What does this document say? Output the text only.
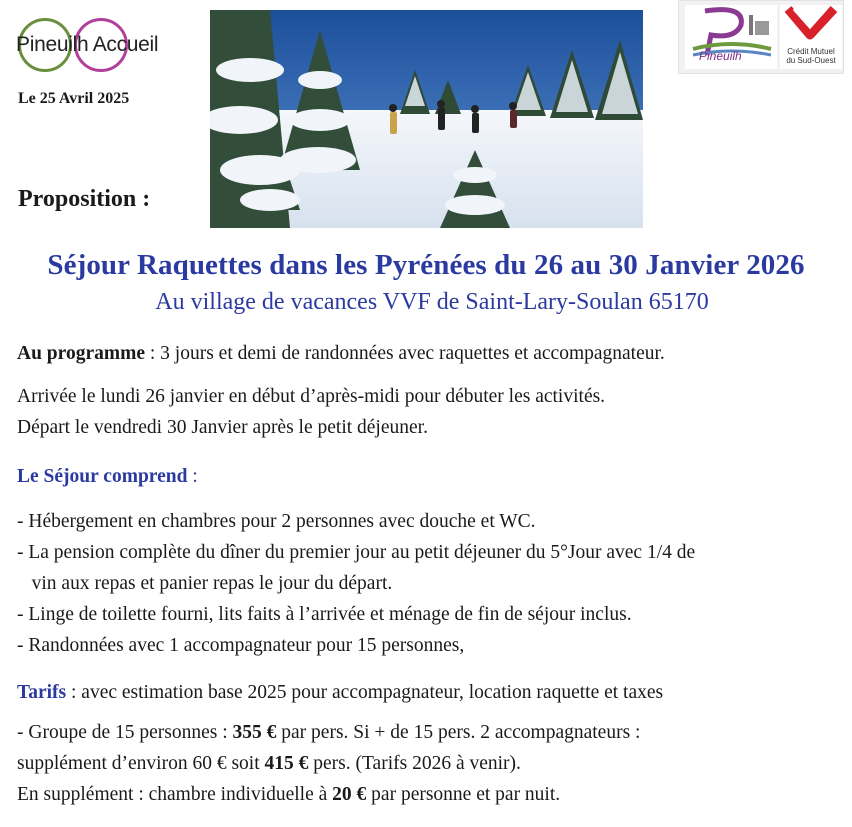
Pineuilh Accueil
Le 25 Avril 2025
Pineuilh	Crédit Mutuel
du Sud-Ouest
Proposition :
Séjour Raquettes dans les Pyrénées du 26 au 30 Janvier 2026
Au village de vacances VVF de Saint-Lary-Soulan 65170
Au programme : 3 jours et demi de randonnées avec raquettes et accompagnateur.
Arrivée le lundi 26 janvier en début d’après-midi pour débuter les activités.
Départ le vendredi 30 Janvier après le petit déjeuner.
Le Séjour comprend :
- Hébergement en chambres pour 2 personnes avec douche et WC.
- La pension complète du dîner du premier jour au petit déjeuner du 5°Jour avec 1/4 de
vin aux repas et panier repas le jour du départ.
- Linge de toilette fourni, lits faits à l’arrivée et ménage de fin de séjour inclus.
- Randonnées avec 1 accompagnateur pour 15 personnes,
Tarifs : avec estimation base 2025 pour accompagnateur, location raquette et taxes
- Groupe de 15 personnes : 355 € par pers. Si + de 15 pers. 2 accompagnateurs :
supplément d’environ 60 € soit 415 € pers. (Tarifs 2026 à venir).
En supplément : chambre individuelle à 20 € par personne et par nuit.
